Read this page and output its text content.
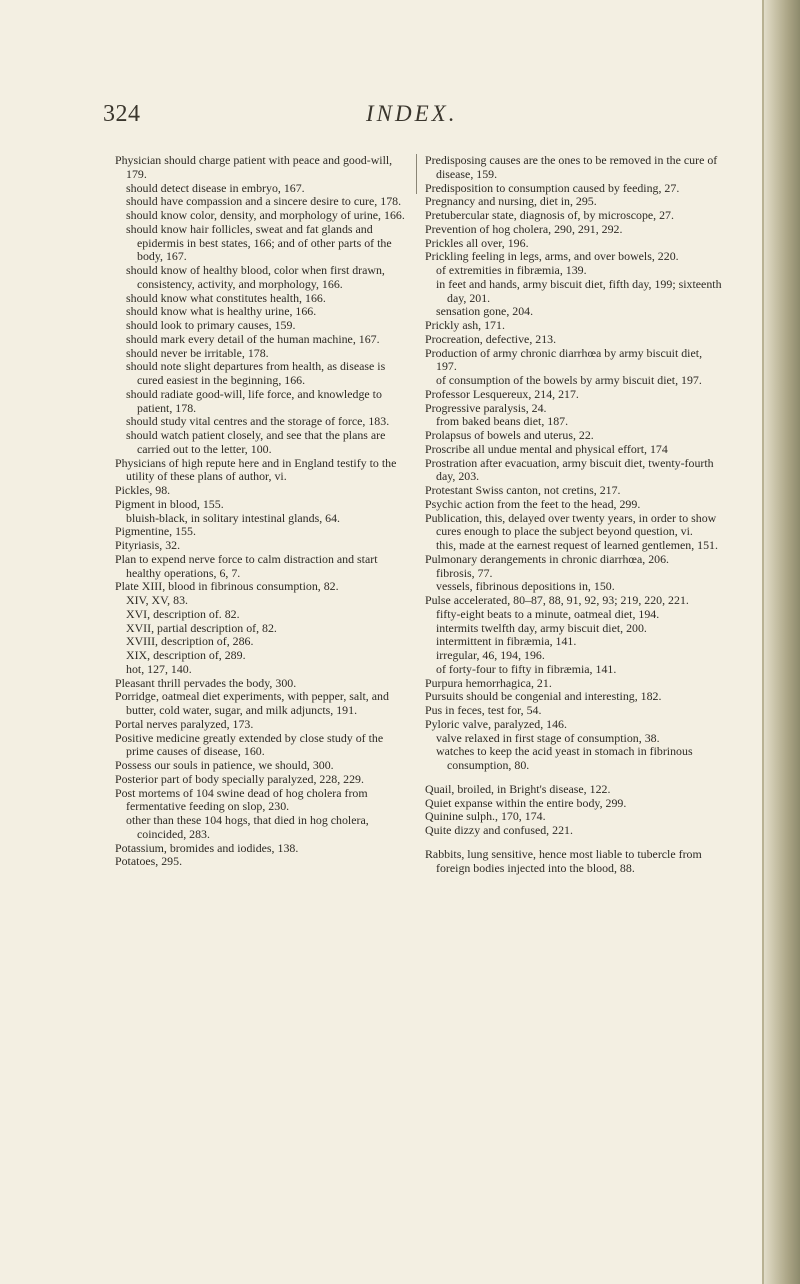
324	INDEX.
Physician should charge patient with peace and good-will, 179.
should detect disease in embryo, 167.
should have compassion and a sincere desire to cure, 178.
should know color, density, and morphology of urine, 166.
should know hair follicles, sweat and fat glands and epidermis in best states, 166; and of other parts of the body, 167.
should know of healthy blood, color when first drawn, consistency, activity, and morphology, 166.
should know what constitutes health, 166.
should know what is healthy urine, 166.
should look to primary causes, 159.
should mark every detail of the human machine, 167.
should never be irritable, 178.
should note slight departures from health, as disease is cured easiest in the beginning, 166.
should radiate good-will, life force, and knowledge to patient, 178.
should study vital centres and the storage of force, 183.
should watch patient closely, and see that the plans are carried out to the letter, 100.
Physicians of high repute here and in England testify to the utility of these plans of author, vi.
Pickles, 98.
Pigment in blood, 155.
bluish-black, in solitary intestinal glands, 64.
Pigmentine, 155.
Pityriasis, 32.
Plan to expend nerve force to calm distraction and start healthy operations, 6, 7.
Plate XIII, blood in fibrinous consumption, 82.
XIV, XV, 83.
XVI, description of. 82.
XVII, partial description of, 82.
XVIII, description of, 286.
XIX, description of, 289.
hot, 127, 140.
Pleasant thrill pervades the body, 300.
Porridge, oatmeal diet experiments, with pepper, salt, and butter, cold water, sugar, and milk adjuncts, 191.
Portal nerves paralyzed, 173.
Positive medicine greatly extended by close study of the prime causes of disease, 160.
Possess our souls in patience, we should, 300.
Posterior part of body specially paralyzed, 228, 229.
Post mortems of 104 swine dead of hog cholera from fermentative feeding on slop, 230.
other than these 104 hogs, that died in hog cholera, coincided, 283.
Potassium, bromides and iodides, 138.
Potatoes, 295.
Predisposing causes are the ones to be removed in the cure of disease, 159.
Predisposition to consumption caused by feeding, 27.
Pregnancy and nursing, diet in, 295.
Pretubercular state, diagnosis of, by microscope, 27.
Prevention of hog cholera, 290, 291, 292.
Prickles all over, 196.
Prickling feeling in legs, arms, and over bowels, 220.
of extremities in fibræmia, 139.
in feet and hands, army biscuit diet, fifth day, 199; sixteenth day, 201.
sensation gone, 204.
Prickly ash, 171.
Procreation, defective, 213.
Production of army chronic diarrhœa by army biscuit diet, 197.
of consumption of the bowels by army biscuit diet, 197.
Professor Lesquereux, 214, 217.
Progressive paralysis, 24.
from baked beans diet, 187.
Prolapsus of bowels and uterus, 22.
Proscribe all undue mental and physical effort, 174
Prostration after evacuation, army biscuit diet, twenty-fourth day, 203.
Protestant Swiss canton, not cretins, 217.
Psychic action from the feet to the head, 299.
Publication, this, delayed over twenty years, in order to show cures enough to place the subject beyond question, vi.
this, made at the earnest request of learned gentlemen, 151.
Pulmonary derangements in chronic diarrhœa, 206.
fibrosis, 77.
vessels, fibrinous depositions in, 150.
Pulse accelerated, 80–87, 88, 91, 92, 93; 219, 220, 221.
fifty-eight beats to a minute, oatmeal diet, 194.
intermits twelfth day, army biscuit diet, 200.
intermittent in fibræmia, 141.
irregular, 46, 194, 196.
of forty-four to fifty in fibræmia, 141.
Purpura hemorrhagica, 21.
Pursuits should be congenial and interesting, 182.
Pus in feces, test for, 54.
Pyloric valve, paralyzed, 146.
valve relaxed in first stage of consumption, 38.
watches to keep the acid yeast in stomach in fibrinous consumption, 80.
Quail, broiled, in Bright's disease, 122.
Quiet expanse within the entire body, 299.
Quinine sulph., 170, 174.
Quite dizzy and confused, 221.
Rabbits, lung sensitive, hence most liable to tubercle from foreign bodies injected into the blood, 88.
